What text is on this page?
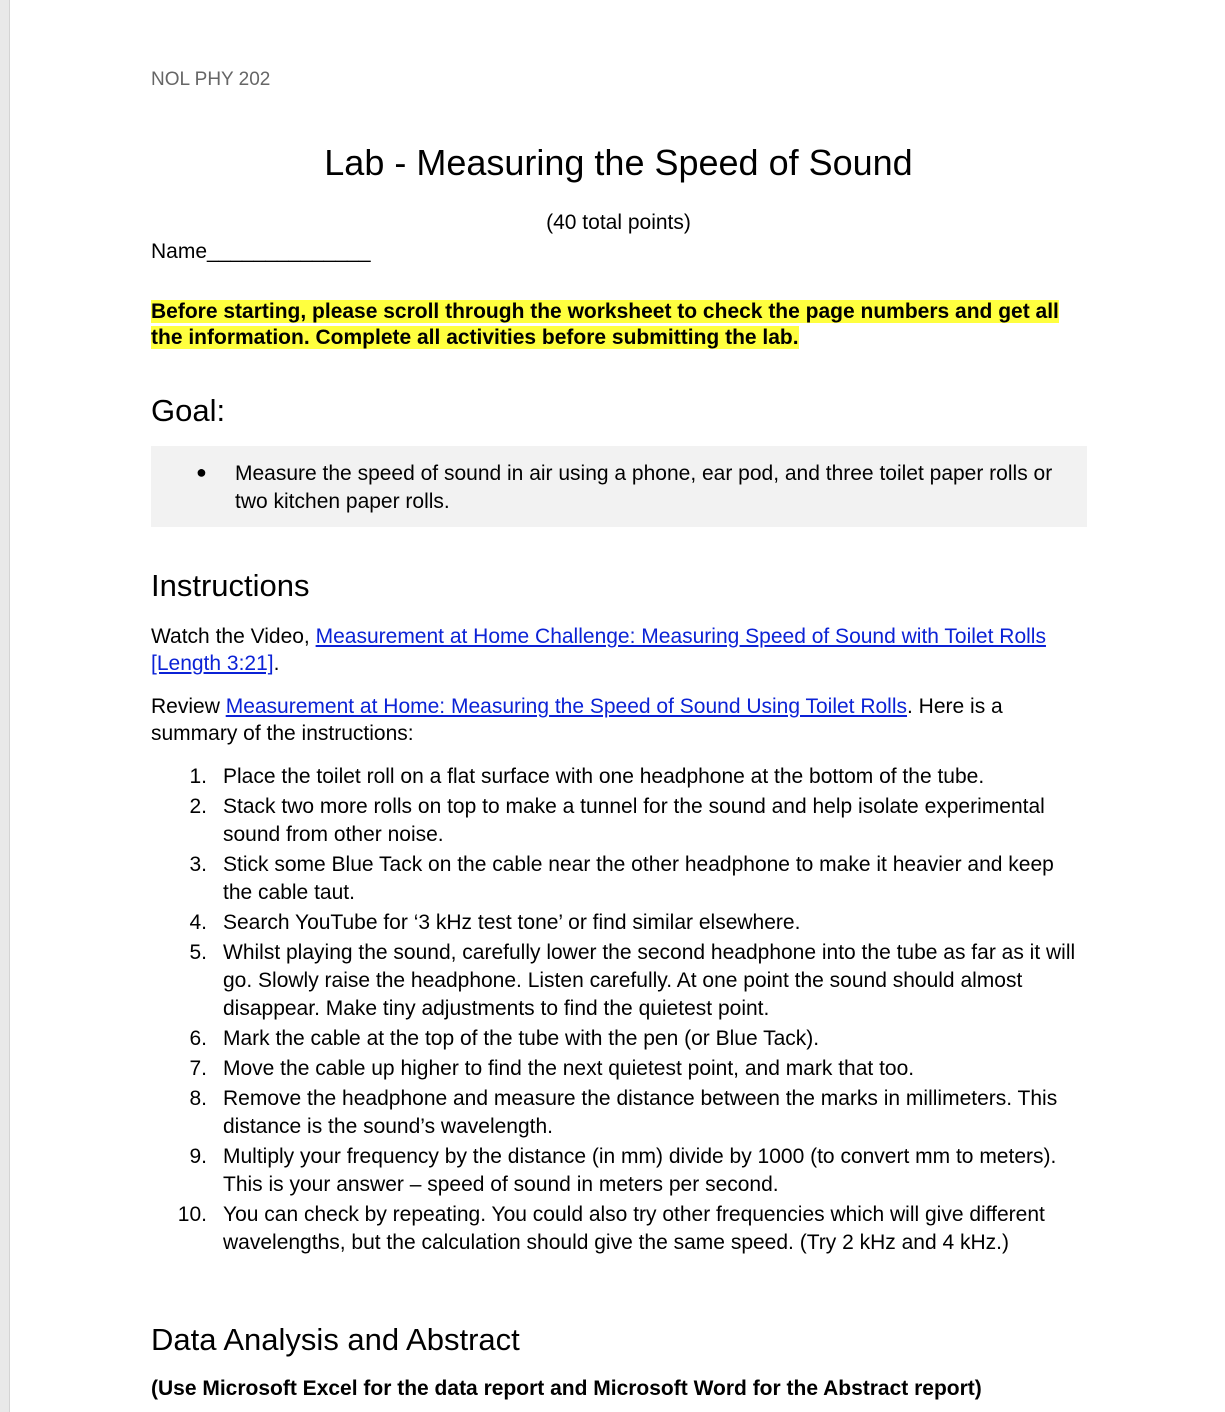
NOL PHY 202
Lab - Measuring the Speed of Sound
(40 total points)
Name______________
Before starting, please scroll through the worksheet to check the page numbers and get all the information. Complete all activities before submitting the lab.
Goal:
● Measure the speed of sound in air using a phone, ear pod, and three toilet paper rolls or two kitchen paper rolls.
Instructions
Watch the Video, Measurement at Home Challenge: Measuring Speed of Sound with Toilet Rolls [Length 3:21].
Review Measurement at Home: Measuring the Speed of Sound Using Toilet Rolls. Here is a summary of the instructions:
1. Place the toilet roll on a flat surface with one headphone at the bottom of the tube.
2. Stack two more rolls on top to make a tunnel for the sound and help isolate experimental sound from other noise.
3. Stick some Blue Tack on the cable near the other headphone to make it heavier and keep the cable taut.
4. Search YouTube for ‘3 kHz test tone’ or find similar elsewhere.
5. Whilst playing the sound, carefully lower the second headphone into the tube as far as it will go. Slowly raise the headphone. Listen carefully. At one point the sound should almost disappear. Make tiny adjustments to find the quietest point.
6. Mark the cable at the top of the tube with the pen (or Blue Tack).
7. Move the cable up higher to find the next quietest point, and mark that too.
8. Remove the headphone and measure the distance between the marks in millimeters. This distance is the sound’s wavelength.
9. Multiply your frequency by the distance (in mm) divide by 1000 (to convert mm to meters). This is your answer – speed of sound in meters per second.
10. You can check by repeating. You could also try other frequencies which will give different wavelengths, but the calculation should give the same speed. (Try 2 kHz and 4 kHz.)
Data Analysis and Abstract
(Use Microsoft Excel for the data report and Microsoft Word for the Abstract report)
